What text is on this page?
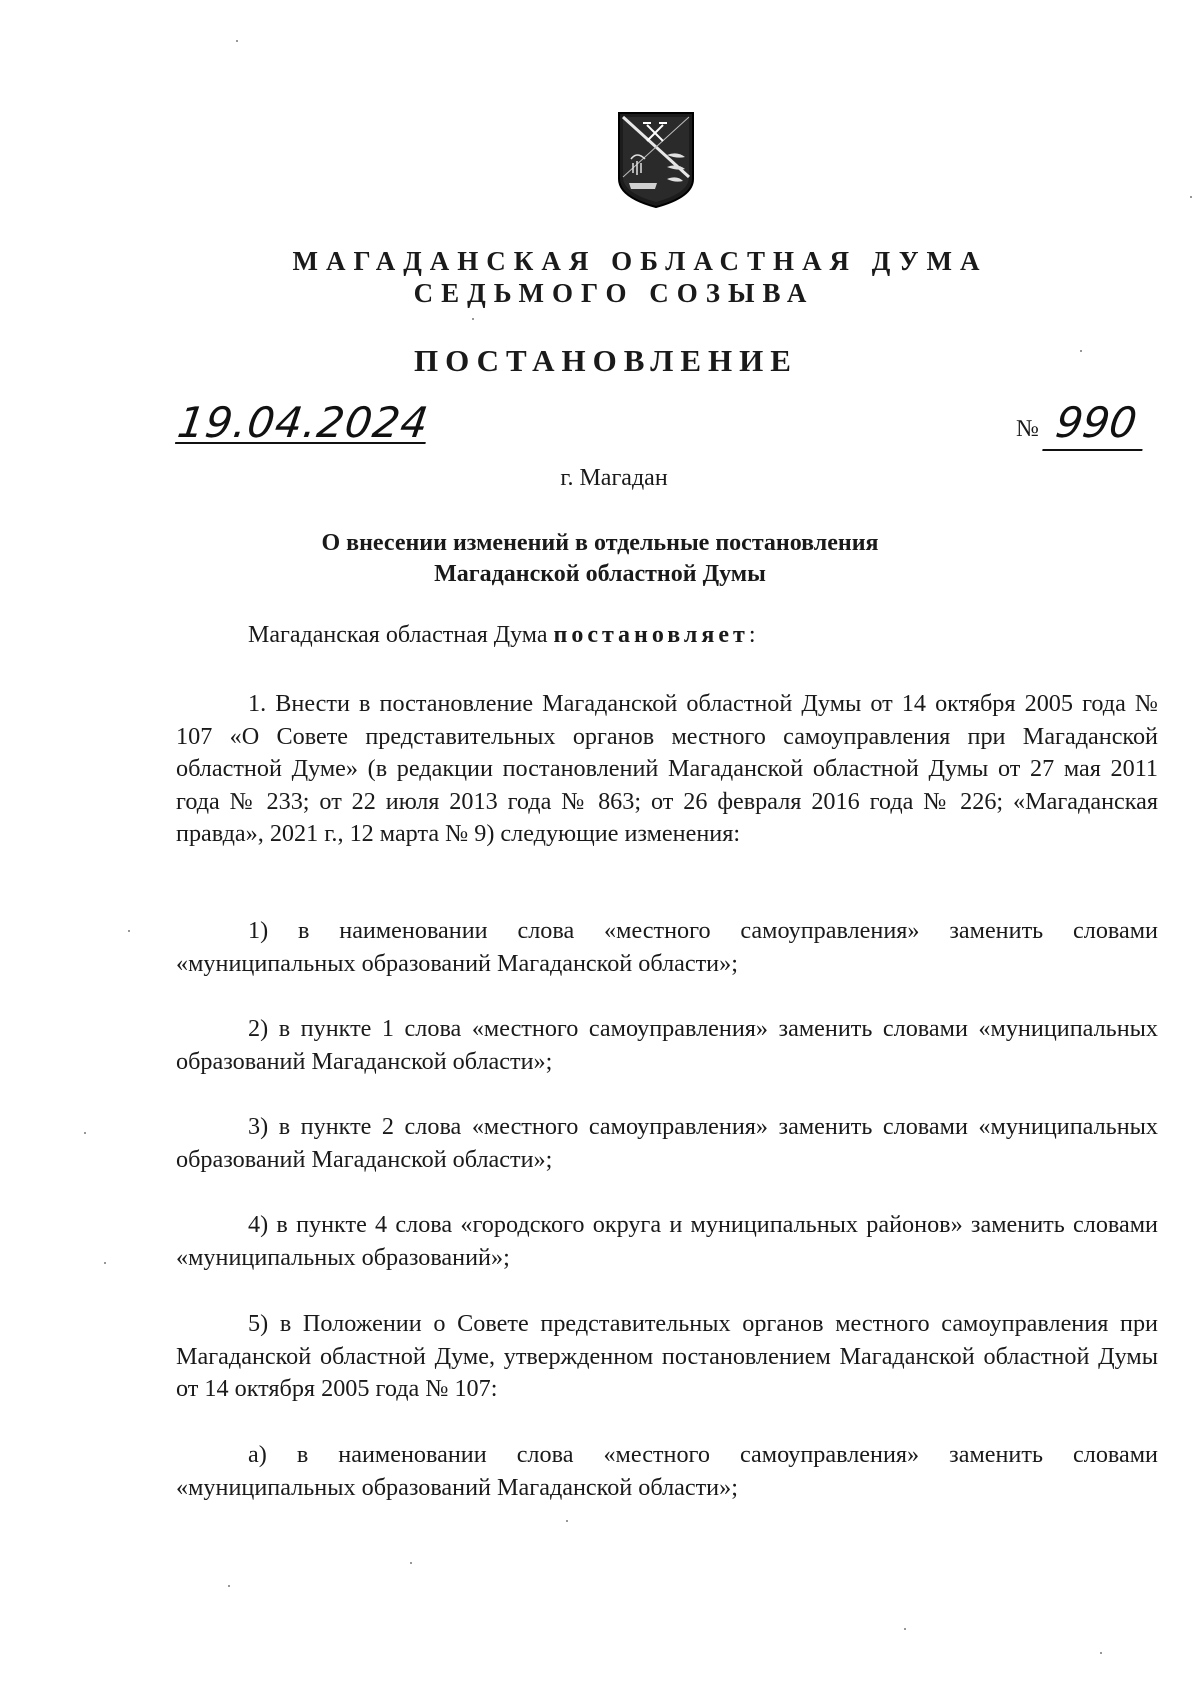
МАГАДАНСКАЯ ОБЛАСТНАЯ ДУМА
СЕДЬМОГО СОЗЫВА
ПОСТАНОВЛЕНИЕ
19.04.2024	№ 990
г. Магадан
О внесении изменений в отдельные постановления
Магаданской областной Думы
Магаданская областная Дума постановляет:

1. Внести в постановление Магаданской областной Думы от 14 октября 2005 года № 107 «О Совете представительных органов местного самоуправления при Магаданской областной Думе» (в редакции постановлений Магаданской областной Думы от 27 мая 2011 года № 233; от 22 июля 2013 года № 863; от 26 февраля 2016 года № 226; «Магаданская правда», 2021 г., 12 марта № 9) следующие изменения:

1) в наименовании слова «местного самоуправления» заменить словами «муниципальных образований Магаданской области»;

2) в пункте 1 слова «местного самоуправления» заменить словами «муниципальных образований Магаданской области»;

3) в пункте 2 слова «местного самоуправления» заменить словами «муниципальных образований Магаданской области»;

4) в пункте 4 слова «городского округа и муниципальных районов» заменить словами «муниципальных образований»;

5) в Положении о Совете представительных органов местного самоуправления при Магаданской областной Думе, утвержденном постановлением Магаданской областной Думы от 14 октября 2005 года № 107:

а) в наименовании слова «местного самоуправления» заменить словами «муниципальных образований Магаданской области»;
